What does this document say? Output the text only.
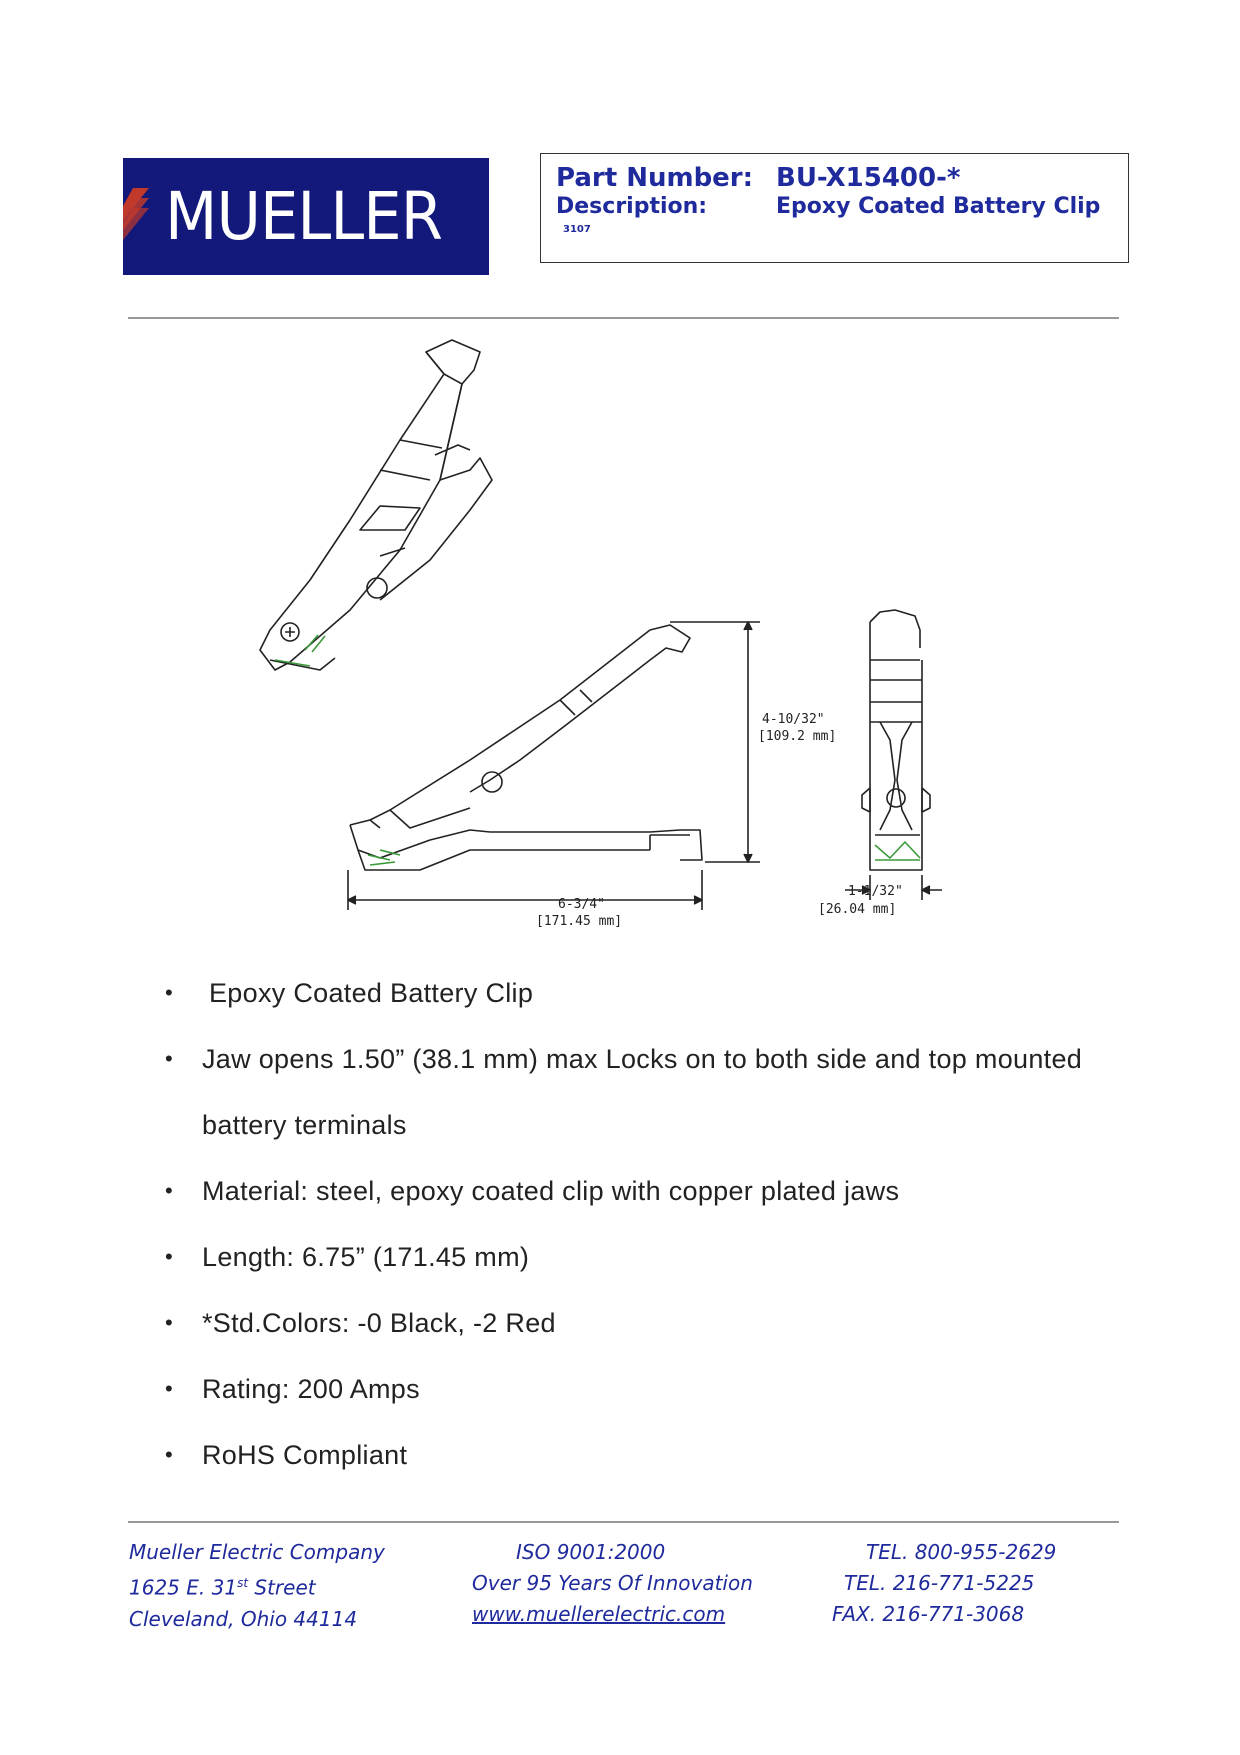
MUELLER	Part Number: BU-X15400-*
Description:	Epoxy Coated Battery Clip
3107
4-10/32"
[109.2 mm]
6-3/4"
[171.45 mm]
1-1/32"
[26.04 mm]
• Epoxy Coated Battery Clip
• Jaw opens 1.50” (38.1 mm) max Locks on to both side and top mounted
battery terminals
• Material: steel, epoxy coated clip with copper plated jaws
• Length: 6.75” (171.45 mm)
• *Std.Colors: -0 Black, -2 Red
• Rating: 200 Amps
• RoHS Compliant
Mueller Electric Company
1625 E. 31st Street
Cleveland, Ohio 44114
ISO 9001:2000
Over 95 Years Of Innovation
www.muellerelectric.com
TEL. 800-955-2629
TEL. 216-771-5225
FAX. 216-771-3068
